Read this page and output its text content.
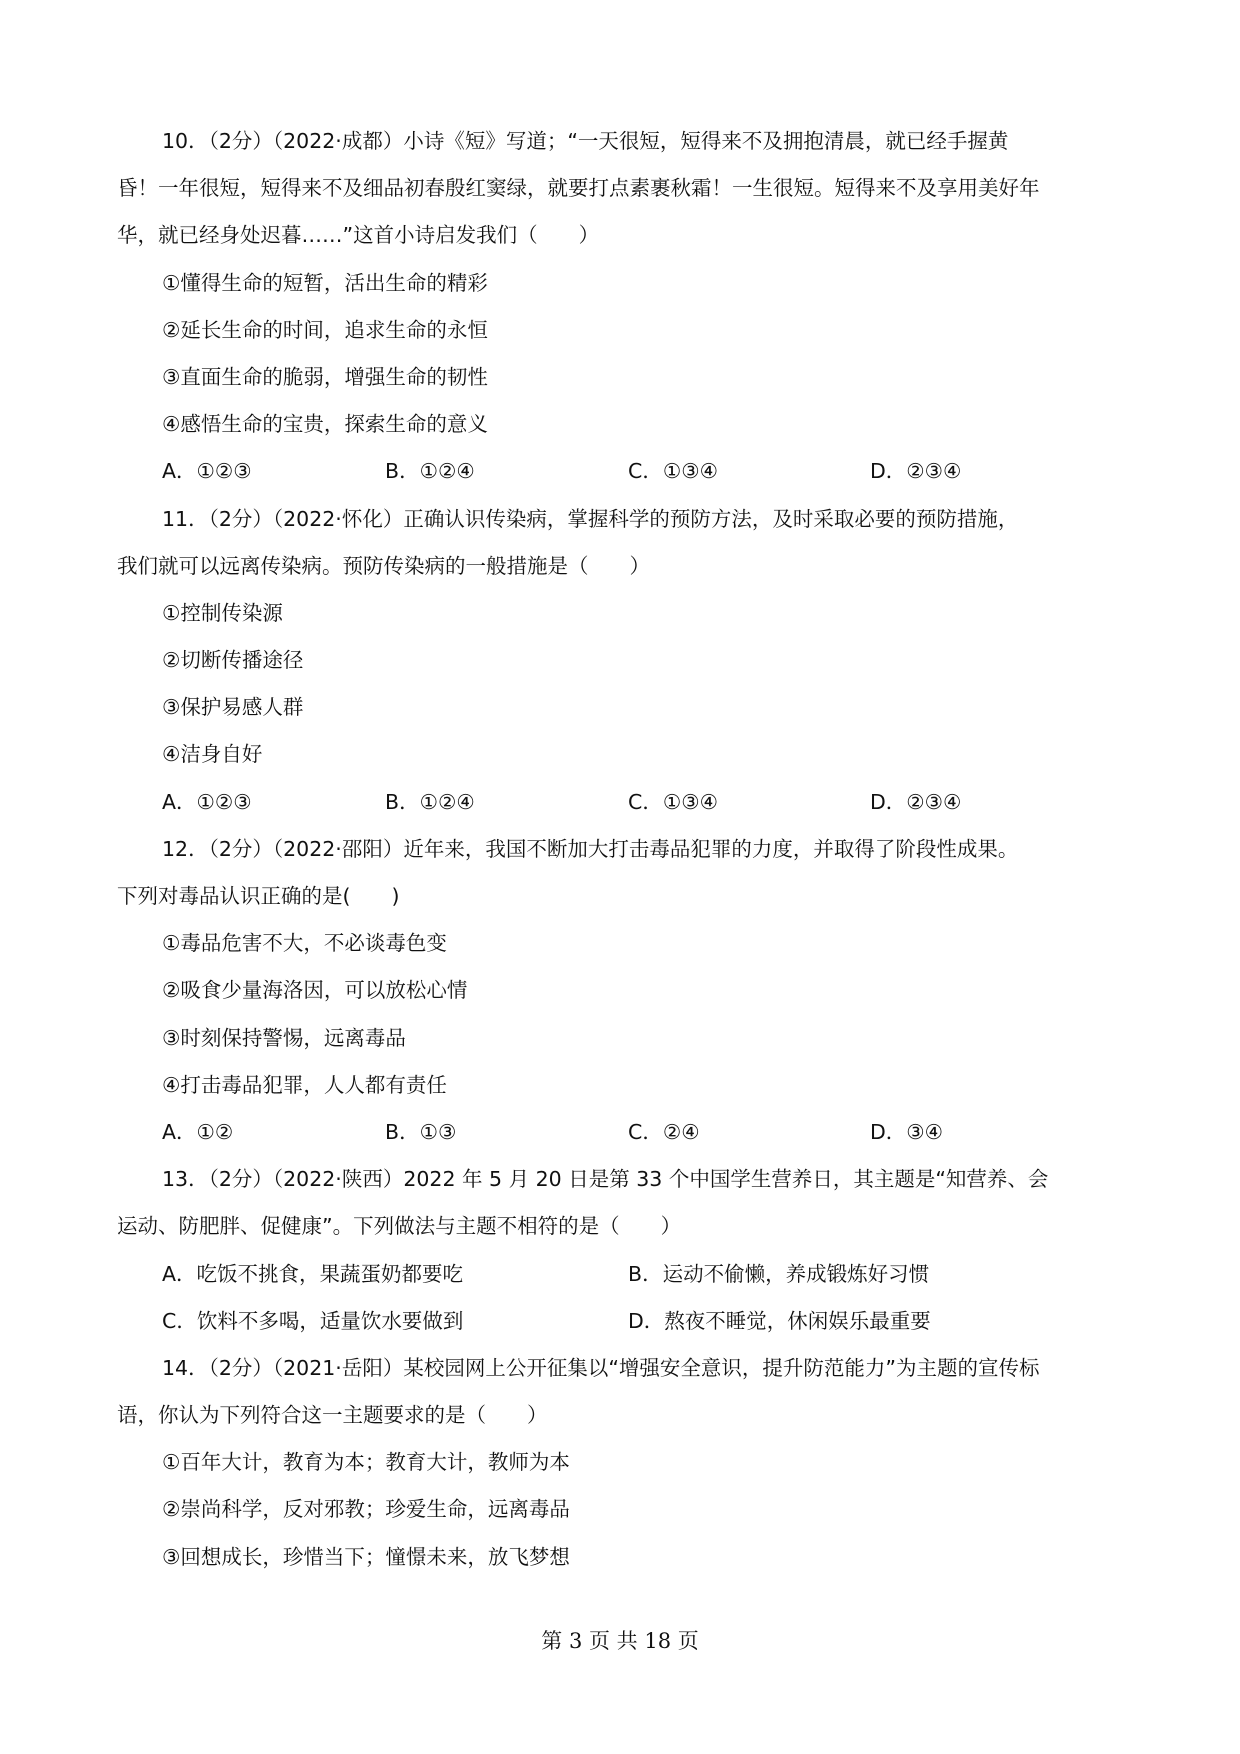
10．（2分）（2022·成都）小诗《短》写道；“一天很短，短得来不及拥抱清晨，就已经手握黄
昏！一年很短，短得来不及细品初春殷红窦绿，就要打点素裹秋霜！一生很短。短得来不及享用美好年
华，就已经身处迟暮……”这首小诗启发我们（　　）
①懂得生命的短暂，活出生命的精彩
②延长生命的时间，追求生命的永恒
③直面生命的脆弱，增强生命的韧性
④感悟生命的宝贵，探索生命的意义
A．①②③	B．①②④	C．①③④	D．②③④
11．（2分）（2022·怀化）正确认识传染病，掌握科学的预防方法，及时采取必要的预防措施，
我们就可以远离传染病。预防传染病的一般措施是（　　）
①控制传染源
②切断传播途径
③保护易感人群
④洁身自好
A．①②③	B．①②④	C．①③④	D．②③④
12．（2分）（2022·邵阳）近年来，我国不断加大打击毒品犯罪的力度，并取得了阶段性成果。
下列对毒品认识正确的是(　　)
①毒品危害不大，不必谈毒色变
②吸食少量海洛因，可以放松心情
③时刻保持警惕，远离毒品
④打击毒品犯罪，人人都有责任
A．①②	B．①③	C．②④	D．③④
13．（2分）（2022·陕西）2022 年 5 月 20 日是第 33 个中国学生营养日，其主题是“知营养、会
运动、防肥胖、促健康”。下列做法与主题不相符的是（　　）
A．吃饭不挑食，果蔬蛋奶都要吃	B．运动不偷懒，养成锻炼好习惯
C．饮料不多喝，适量饮水要做到	D．熬夜不睡觉，休闲娱乐最重要
14．（2分）（2021·岳阳）某校园网上公开征集以“增强安全意识，提升防范能力”为主题的宣传标
语，你认为下列符合这一主题要求的是（　　）
①百年大计，教育为本；教育大计，教师为本
②崇尚科学，反对邪教；珍爱生命，远离毒品
③回想成长，珍惜当下；憧憬未来，放飞梦想
第 3 页 共 18 页
